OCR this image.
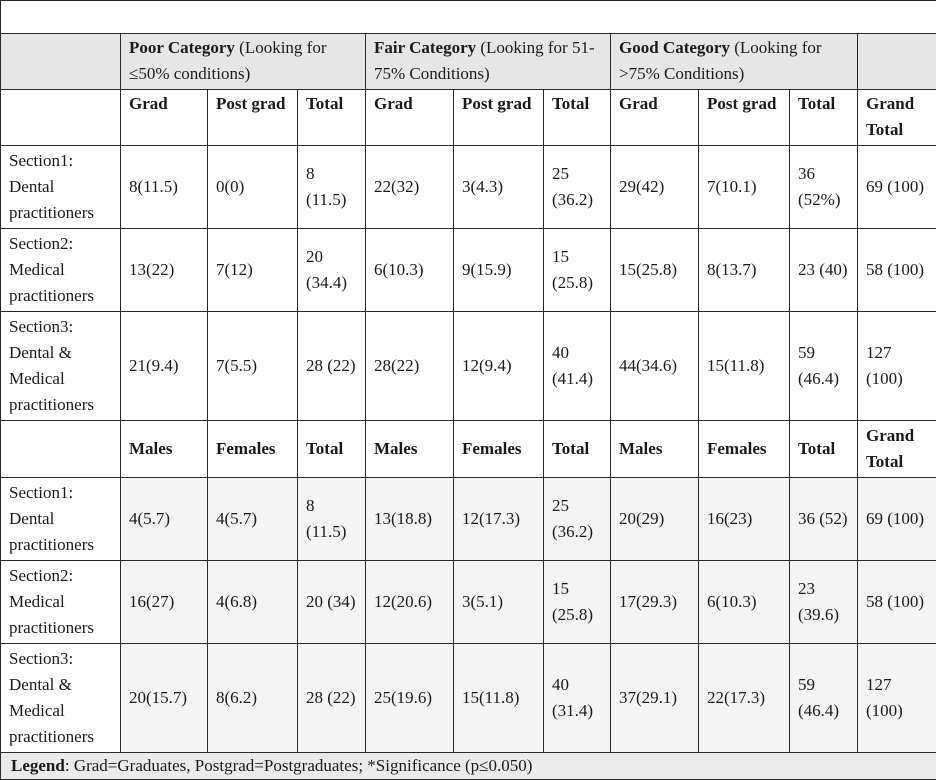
	Poor Category (Looking for ≤50% conditions)			Fair Category (Looking for 51-75% Conditions)			Good Category (Looking for >75% Conditions)			
	Grad	Post grad	Total	Grad	Post grad	Total	Grad	Post grad	Total	Grand Total
Section1: Dental practitioners	8(11.5)	0(0)	8 (11.5)	22(32)	3(4.3)	25 (36.2)	29(42)	7(10.1)	36 (52%)	69 (100)
Section2: Medical practitioners	13(22)	7(12)	20 (34.4)	6(10.3)	9(15.9)	15 (25.8)	15(25.8)	8(13.7)	23 (40)	58 (100)
Section3: Dental & Medical practitioners	21(9.4)	7(5.5)	28 (22)	28(22)	12(9.4)	40 (41.4)	44(34.6)	15(11.8)	59 (46.4)	127 (100)
	Males	Females	Total	Males	Females	Total	Males	Females	Total	Grand Total
Section1: Dental practitioners	4(5.7)	4(5.7)	8 (11.5)	13(18.8)	12(17.3)	25 (36.2)	20(29)	16(23)	36 (52)	69 (100)
Section2: Medical practitioners	16(27)	4(6.8)	20 (34)	12(20.6)	3(5.1)	15 (25.8)	17(29.3)	6(10.3)	23 (39.6)	58 (100)
Section3: Dental & Medical practitioners	20(15.7)	8(6.2)	28 (22)	25(19.6)	15(11.8)	40 (31.4)	37(29.1)	22(17.3)	59 (46.4)	127 (100)
Legend: Grad=Graduates, Postgrad=Postgraduates; *Significance (p≤0.050)										
